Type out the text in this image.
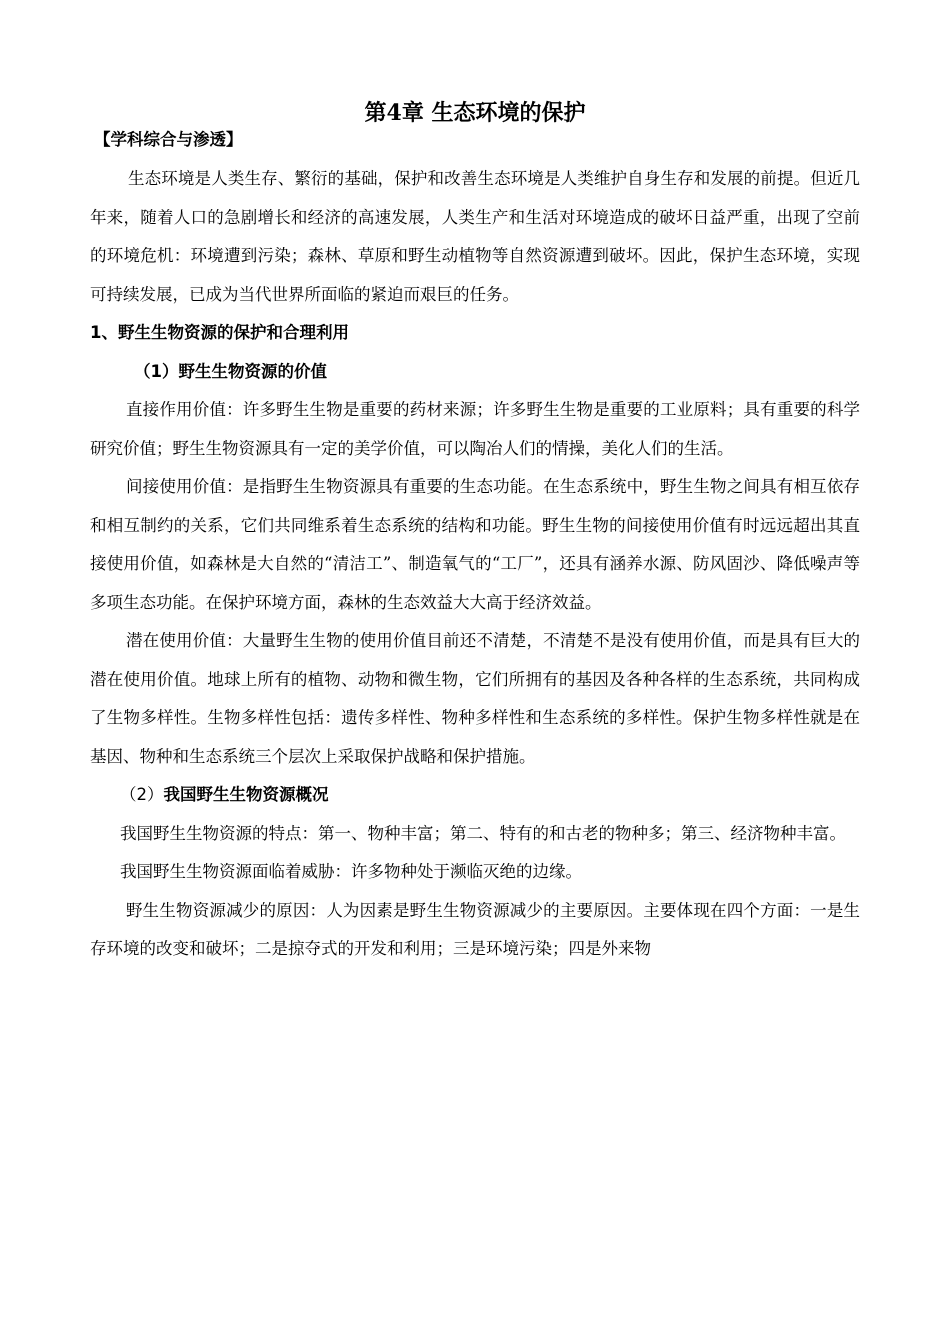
第4章 生态环境的保护
【学科综合与渗透】

生态环境是人类生存、繁衍的基础，保护和改善生态环境是人类维护自身生存和发展的前提。但近几年来，随着人口的急剧增长和经济的高速发展，人类生产和生活对环境造成的破坏日益严重，出现了空前的环境危机：环境遭到污染；森林、草原和野生动植物等自然资源遭到破坏。因此，保护生态环境，实现可持续发展，已成为当代世界所面临的紧迫而艰巨的任务。

1、野生生物资源的保护和合理利用

（1）野生生物资源的价值

直接作用价值：许多野生生物是重要的药材来源；许多野生生物是重要的工业原料；具有重要的科学研究价值；野生生物资源具有一定的美学价值，可以陶冶人们的情操，美化人们的生活。

间接使用价值：是指野生生物资源具有重要的生态功能。在生态系统中，野生生物之间具有相互依存和相互制约的关系，它们共同维系着生态系统的结构和功能。野生生物的间接使用价值有时远远超出其直接使用价值，如森林是大自然的“清洁工”、制造氧气的“工厂”，还具有涵养水源、防风固沙、降低噪声等多项生态功能。在保护环境方面，森林的生态效益大大高于经济效益。

潜在使用价值：大量野生生物的使用价值目前还不清楚，不清楚不是没有使用价值，而是具有巨大的潜在使用价值。地球上所有的植物、动物和微生物，它们所拥有的基因及各种各样的生态系统，共同构成了生物多样性。生物多样性包括：遗传多样性、物种多样性和生态系统的多样性。保护生物多样性就是在基因、物种和生态系统三个层次上采取保护战略和保护措施。

（2）我国野生生物资源概况

我国野生生物资源的特点：第一、物种丰富；第二、特有的和古老的物种多；第三、经济物种丰富。

我国野生生物资源面临着威胁：许多物种处于濒临灭绝的边缘。

野生生物资源减少的原因：人为因素是野生生物资源减少的主要原因。主要体现在四个方面：一是生存环境的改变和破坏；二是掠夺式的开发和利用；三是环境污染；四是外来物
